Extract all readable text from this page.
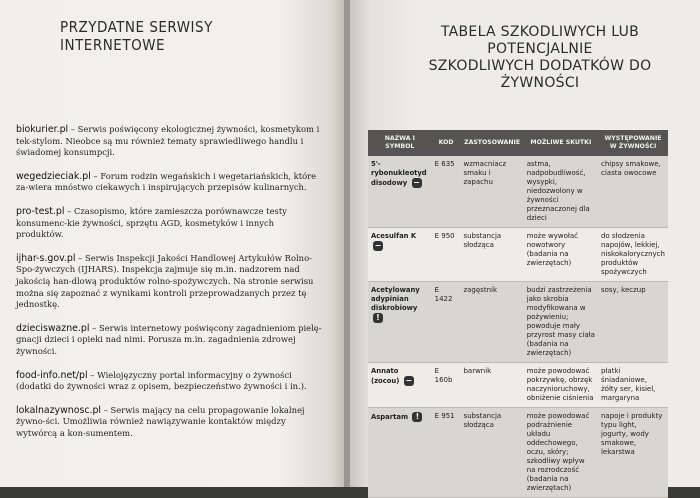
PRZYDATNE SERWISY INTERNETOWE

biokurier.pl – Serwis poświęcony ekologicznej żywności, kosmetykom i tek-stylom. Nieobce są mu również tematy sprawiedliwego handlu i świadomej konsumpcji.

wegedzieciak.pl – Forum rodzin wegańskich i wegetariańskich, które za-wiera mnóstwo ciekawych i inspirujących przepisów kulinarnych.

pro-test.pl – Czasopismo, które zamieszcza porównawcze testy konsumenc-kie żywności, sprzętu AGD, kosmetyków i innych produktów.

ijhar-s.gov.pl – Serwis Inspekcji Jakości Handlowej Artykułów Rolno-Spo-żywczych (IJHARS). Inspekcja zajmuje się m.in. nadzorem nad jakością han-dlową produktów rolno-spożywczych. Na stronie serwisu można się zapoznać z wynikami kontroli przeprowadzanych przez tę jednostkę.

dzieciswazne.pl – Serwis internetowy poświęcony zagadnieniom pielę-gnacji dzieci i opieki nad nimi. Porusza m.in. zagadnienia zdrowej żywności.

food-info.net/pl – Wielojęzyczny portal informacyjny o żywności (dodatki do żywności wraz z opisem, bezpieczeństwo żywności i in.).

lokalnazywnosc.pl – Serwis mający na celu propagowanie lokalnej żywno-ści. Umożliwia również nawiązywanie kontaktów między wytwórcą a kon-sumentem.

TABELA SZKODLIWYCH LUB POTENCJALNIE
SZKODLIWYCH DODATKÓW DO ŻYWNOŚCI
NAZWA I SYMBOL	KOD	ZASTOSOWANIE	MOŻLIWE SKUTKI	WYSTĘPOWANIE W ŻYWNOŚCI
5'-rybonukleotyd disodowy −	E 635	wzmacniacz smaku i zapachu	astma, nadpobudliwość, wysypki, niedozwolony w żywności przeznaczonej dla dzieci	chipsy smakowe, ciasta owocowe
Acesulfan K −	E 950	substancja słodząca	może wywołać nowotwory (badania na zwierzętach)	do słodzenia napojów, lekkiej, niskokalorycznych produktów spożywczych
Acetylowany adypinian diskrobiowy !	E 1422	zagęstnik	budzi zastrzeżenia jako skrobia modyfikowana w pożywieniu; powoduje mały przyrost masy ciała (badania na zwierzętach)	sosy, keczup
Annato (zocou) −	E 160b	barwnik	może powodować pokrzywkę, obrzęk naczynioruchowy, obniżenie ciśnienia	płatki śniadaniowe, żółty ser, kisiel, margaryna
Aspartam !	E 951	substancja słodząca	może powodować podrażnienie układu oddechowego, oczu, skóry; szkodliwy wpływ na rozrodczość (badania na zwierzętach)	napoje i produkty typu light, jogurty, wody smakowe, lekarstwa
